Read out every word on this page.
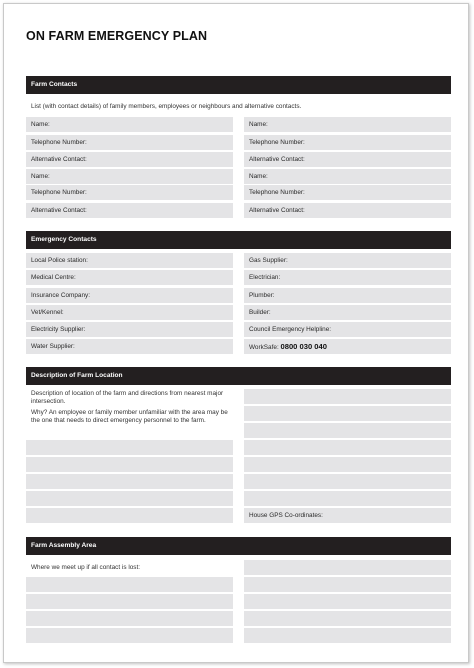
ON FARM EMERGENCY PLAN
Farm Contacts
List (with contact details) of family members, employees or neighbours and alternative contacts.
Name:
Telephone Number:
Alternative Contact:
Name:
Telephone Number:
Alternative Contact:
Name:
Telephone Number:
Alternative Contact:
Name:
Telephone Number:
Alternative Contact:
Emergency Contacts
Local Police station:
Medical Centre:
Insurance Company:
Vet/Kennel:
Electricity Supplier:
Water Supplier:
Gas Supplier:
Electrician:
Plumber:
Builder:
Council Emergency Helpline:
WorkSafe: 0800 030 040
Description of Farm Location
Description of location of the farm and directions from nearest major intersection.
Why? An employee or family member unfamiliar with the area may be the one that needs to direct emergency personnel to the farm.
House GPS Co-ordinates:
Farm Assembly Area
Where we meet up if all contact is lost:
